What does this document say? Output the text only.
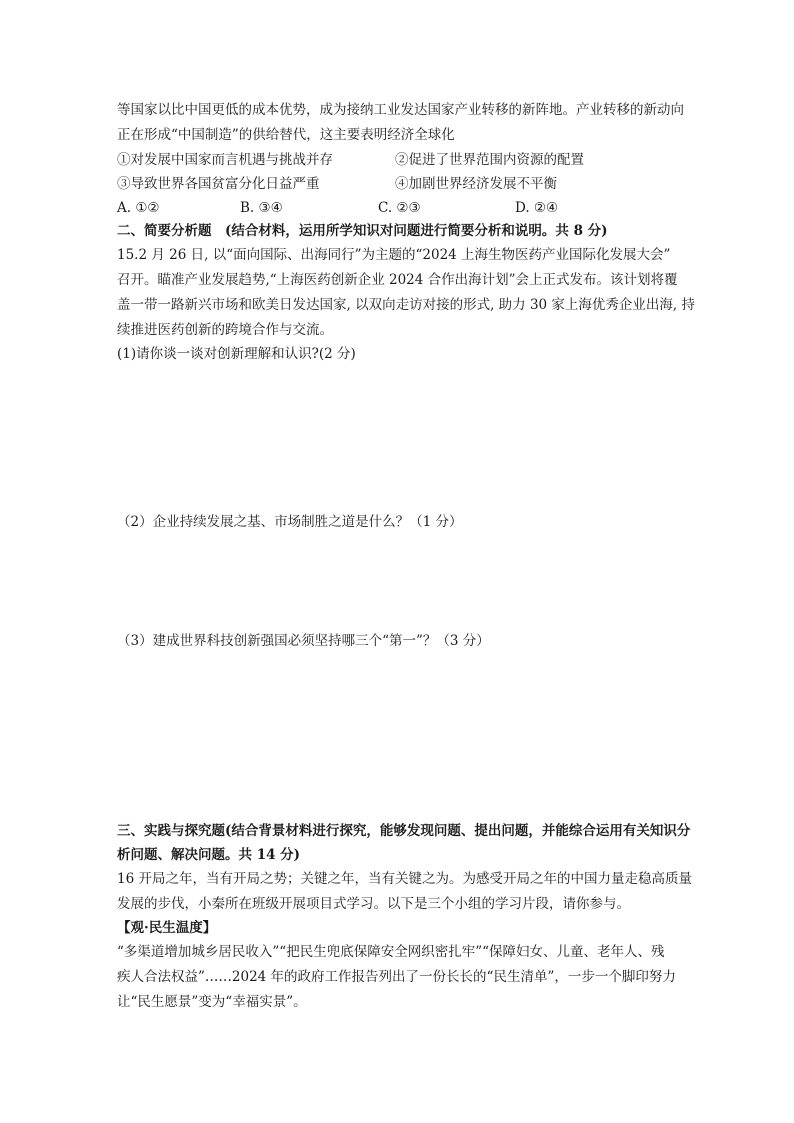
等国家以比中国更低的成本优势，成为接纳工业发达国家产业转移的新阵地。产业转移的新动向
正在形成“中国制造”的供给替代，这主要表明经济全球化
①对发展中国家而言机遇与挑战并存	②促进了世界范围内资源的配置
③导致世界各国贫富分化日益严重	④加剧世界经济发展不平衡
A. ①②	B. ③④	C. ②③	D. ②④
二、简要分析题　(结合材料，运用所学知识对问题进行简要分析和说明。共 8 分)
15.2 月 26 日, 以“面向国际、出海同行”为主题的“2024 上海生物医药产业国际化发展大会”
召开。瞄准产业发展趋势,“上海医药创新企业 2024 合作出海计划”会上正式发布。该计划将覆
盖一带一路新兴市场和欧美日发达国家, 以双向走访对接的形式, 助力 30 家上海优秀企业出海, 持
续推进医药创新的跨境合作与交流。
(1)请你谈一谈对创新理解和认识?(2 分)
（2）企业持续发展之基、市场制胜之道是什么？（1 分）
（3）建成世界科技创新强国必须坚持哪三个“第一”？（3 分）
三、实践与探究题(结合背景材料进行探究，能够发现问题、提出问题，并能综合运用有关知识分
析问题、解决问题。共 14 分)
16 开局之年，当有开局之势；关键之年，当有关键之为。为感受开局之年的中国力量走稳高质量
发展的步伐，小秦所在班级开展项目式学习。以下是三个小组的学习片段，请你参与。
【观·民生温度】
“多渠道增加城乡居民收入”“把民生兜底保障安全网织密扎牢”“保障妇女、儿童、老年人、残
疾人合法权益”……2024 年的政府工作报告列出了一份长长的“民生清单”，一步一个脚印努力
让“民生愿景”变为“幸福实景”。
